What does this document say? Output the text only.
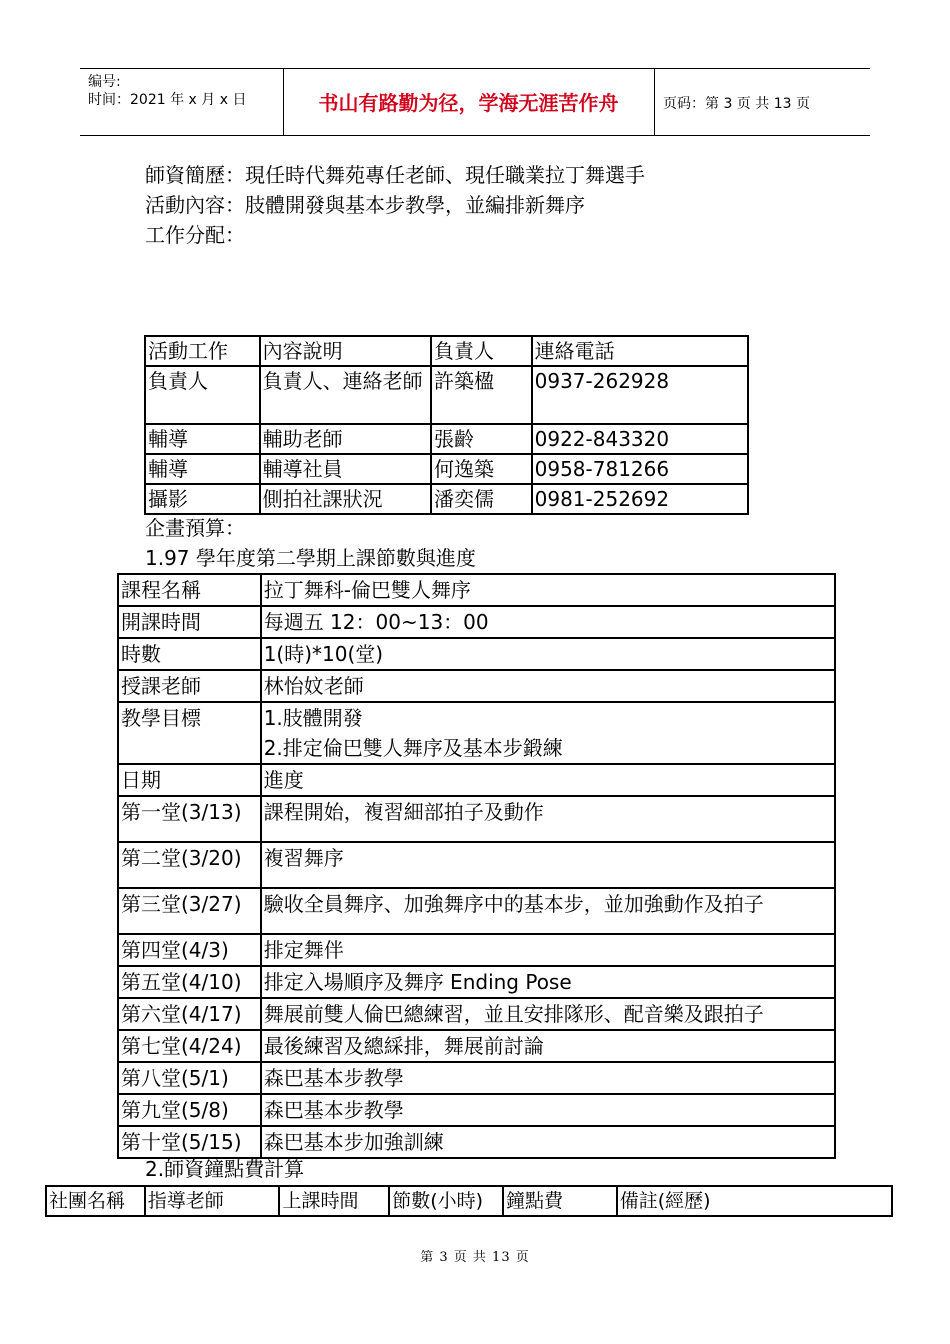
编号:
时间：2021 年 x 月 x 日	书山有路勤为径，学海无涯苦作舟	页码：第 3 页 共 13 页
師資簡歷：現任時代舞苑專任老師、現任職業拉丁舞選手
活動內容：肢體開發與基本步教學，並編排新舞序
工作分配：
活動工作	內容說明	負責人	連絡電話
負責人	負責人、連絡老師	許築楹	0937-262928
輔導	輔助老師	張齡	0922-843320
輔導	輔導社員	何逸築	0958-781266
攝影	側拍社課狀況	潘奕儒	0981-252692
企畫預算：
1.97 學年度第二學期上課節數與進度
課程名稱	拉丁舞科-倫巴雙人舞序
開課時間	每週五 12：00~13：00
時數	1(時)*10(堂)
授課老師	林怡妏老師
教學目標	1.肢體開發
2.排定倫巴雙人舞序及基本步鍛練

日期	進度
第一堂(3/13)	課程開始，複習細部拍子及動作
第二堂(3/20)	複習舞序
第三堂(3/27)	驗收全員舞序、加強舞序中的基本步，並加強動作及拍子
第四堂(4/3)	排定舞伴
第五堂(4/10)	排定入場順序及舞序 Ending Pose
第六堂(4/17)	舞展前雙人倫巴總練習，並且安排隊形、配音樂及跟拍子
第七堂(4/24)	最後練習及總綵排，舞展前討論
第八堂(5/1)	森巴基本步教學
第九堂(5/8)	森巴基本步教學
第十堂(5/15)	森巴基本步加強訓練
2.師資鐘點費計算
社團名稱	指導老師	上課時間	節數(小時)	鐘點費	備註(經歷)
第 3 页 共 13 页
